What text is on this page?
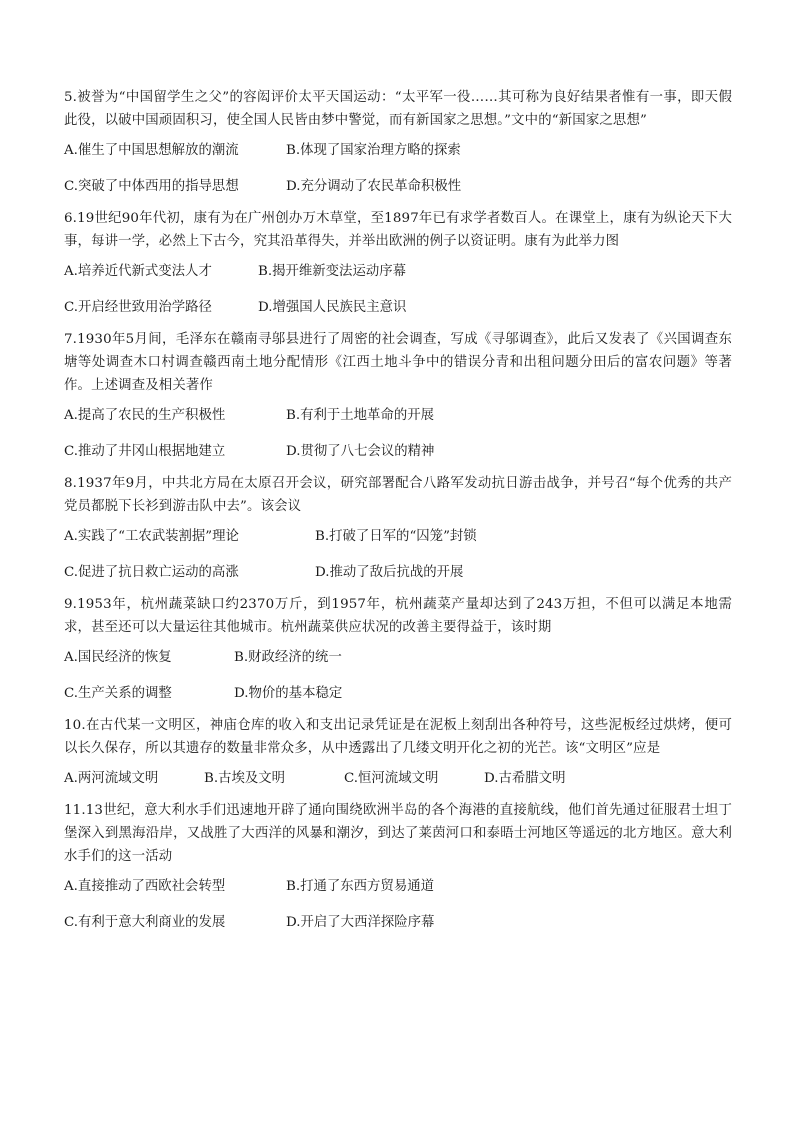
5.被誉为“中国留学生之父”的容闳评价太平天国运动：“太平军一役……其可称为良好结果者惟有一事，即天假此役，以破中国顽固积习，使全国人民皆由梦中警觉，而有新国家之思想。”文中的“新国家之思想”

A.催生了中国思想解放的潮流	B.体现了国家治理方略的探索
C.突破了中体西用的指导思想	D.充分调动了农民革命积极性

6.19世纪90年代初，康有为在广州创办万木草堂，至1897年已有求学者数百人。在课堂上，康有为纵论天下大事，每讲一学，必然上下古今，究其沿革得失，并举出欧洲的例子以资证明。康有为此举力图

A.培养近代新式变法人才	B.揭开维新变法运动序幕
C.开启经世致用治学路径	D.增强国人民族民主意识

7.1930年5月间，毛泽东在赣南寻邬县进行了周密的社会调查，写成《寻邬调查》，此后又发表了《兴国调查东塘等处调查木口村调查赣西南土地分配情形《江西土地斗争中的错误分青和出租问题分田后的富农问题》等著作。上述调查及相关著作

A.提高了农民的生产积极性	B.有利于土地革命的开展
C.推动了井冈山根据地建立	D.贯彻了八七会议的精神

8.1937年9月，中共北方局在太原召开会议，研究部署配合八路军发动抗日游击战争，并号召“每个优秀的共产党员都脱下长衫到游击队中去”。该会议

A.实践了“工农武装割据”理论	B.打破了日军的“囚笼”封锁
C.促进了抗日救亡运动的高涨	D.推动了敌后抗战的开展

9.1953年，杭州蔬菜缺口约2370万斤，到1957年，杭州蔬菜产量却达到了243万担，不但可以满足本地需求，甚至还可以大量运往其他城市。杭州蔬菜供应状况的改善主要得益于，该时期

A.国民经济的恢复	B.财政经济的统一
C.生产关系的调整	D.物价的基本稳定

10.在古代某一文明区，神庙仓库的收入和支出记录凭证是在泥板上刻刮出各种符号，这些泥板经过烘烤，便可以长久保存，所以其遗存的数量非常众多，从中透露出了几缕文明开化之初的光芒。该“文明区”应是

A.两河流域文明	B.古埃及文明	C.恒河流域文明	D.古希腊文明

11.13世纪，意大利水手们迅速地开辟了通向围绕欧洲半岛的各个海港的直接航线，他们首先通过征服君士坦丁堡深入到黑海沿岸，又战胜了大西洋的风暴和潮汐，到达了莱茵河口和泰晤士河地区等遥远的北方地区。意大利水手们的这一活动

A.直接推动了西欧社会转型	B.打通了东西方贸易通道
C.有利于意大利商业的发展	D.开启了大西洋探险序幕
